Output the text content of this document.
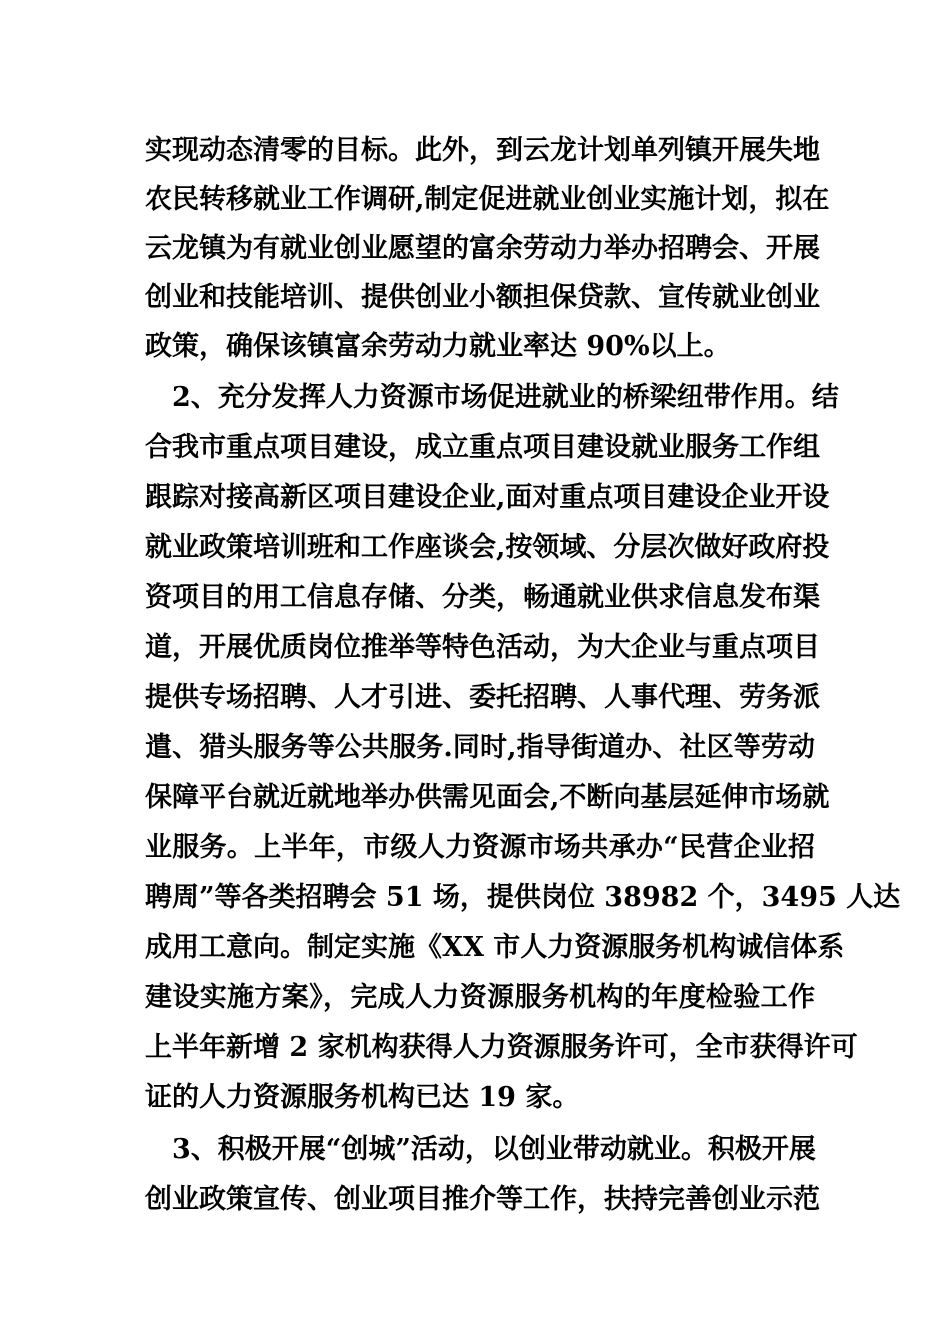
实现动态清零的目标。此外，到云龙计划单列镇开展失地
农民转移就业工作调研,制定促进就业创业实施计划，拟在
云龙镇为有就业创业愿望的富余劳动力举办招聘会、开展
创业和技能培训、提供创业小额担保贷款、宣传就业创业
政策，确保该镇富余劳动力就业率达 90%以上。
2、充分发挥人力资源市场促进就业的桥梁纽带作用。结
合我市重点项目建设，成立重点项目建设就业服务工作组
跟踪对接高新区项目建设企业,面对重点项目建设企业开设
就业政策培训班和工作座谈会,按领域、分层次做好政府投
资项目的用工信息存储、分类，畅通就业供求信息发布渠
道，开展优质岗位推举等特色活动，为大企业与重点项目
提供专场招聘、人才引进、委托招聘、人事代理、劳务派
遣、猎头服务等公共服务.同时,指导街道办、社区等劳动
保障平台就近就地举办供需见面会,不断向基层延伸市场就
业服务。上半年，市级人力资源市场共承办“民营企业招
聘周”等各类招聘会 51 场，提供岗位 38982 个，3495 人达
成用工意向。制定实施《XX 市人力资源服务机构诚信体系
建设实施方案》，完成人力资源服务机构的年度检验工作
上半年新增 2 家机构获得人力资源服务许可，全市获得许可
证的人力资源服务机构已达 19 家。
3、积极开展“创城”活动，以创业带动就业。积极开展
创业政策宣传、创业项目推介等工作，扶持完善创业示范
